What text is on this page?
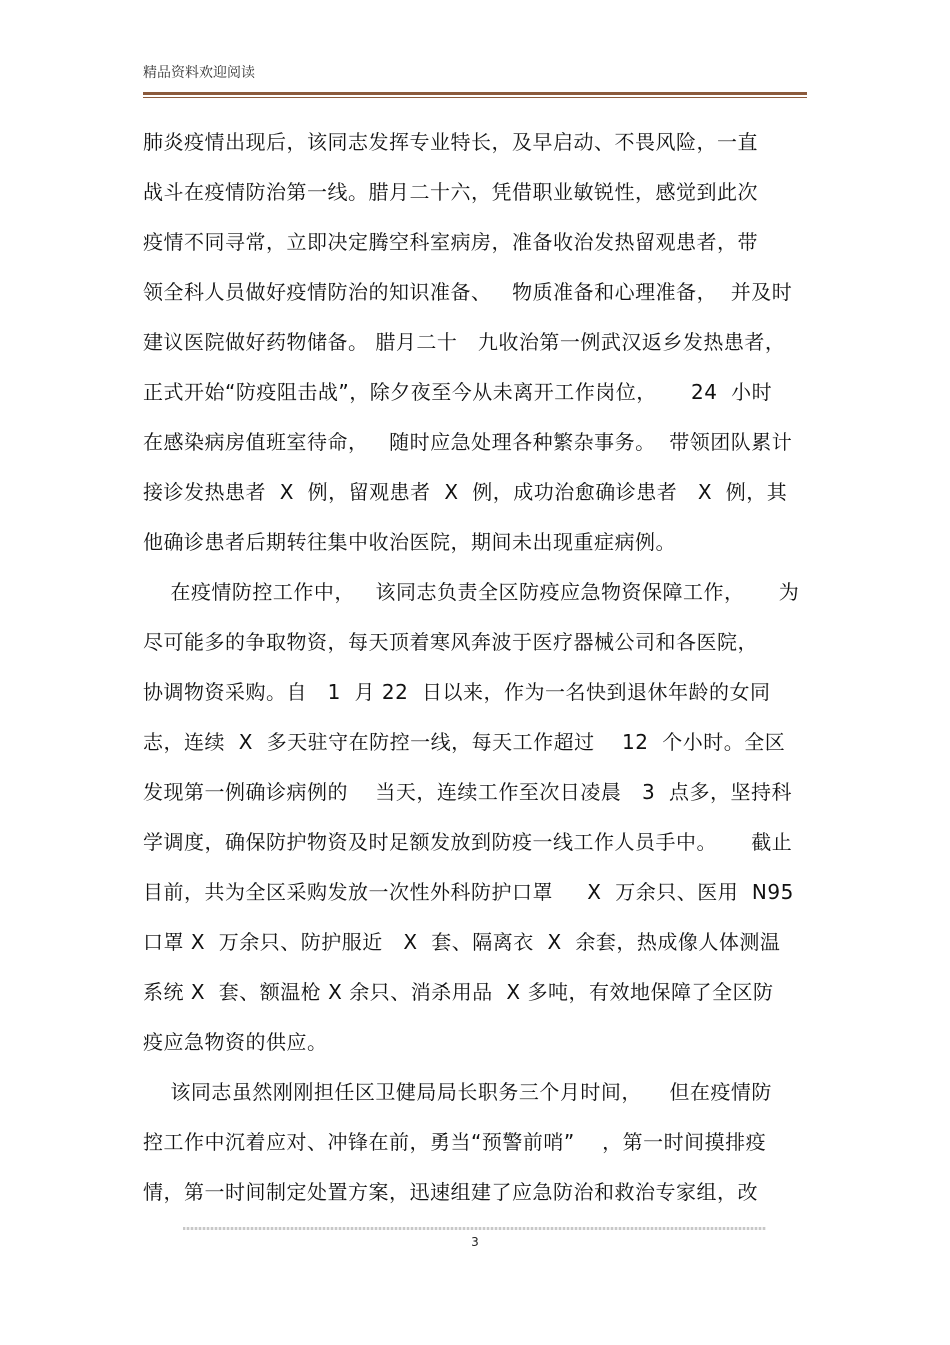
精品资料欢迎阅读
肺炎疫情出现后，该同志发挥专业特长，及早启动、不畏风险，一直
战斗在疫情防治第一线。腊月二十六，凭借职业敏锐性，感觉到此次
疫情不同寻常，立即决定腾空科室病房，准备收治发热留观患者，带
领全科人员做好疫情防治的知识准备、   物质准备和心理准备，  并及时
建议医院做好药物储备。 腊月二十   九收治第一例武汉返乡发热患者，
正式开始“防疫阻击战”，除夕夜至今从未离开工作岗位，     24  小时
在感染病房值班室待命，   随时应急处理各种繁杂事务。  带领团队累计
接诊发热患者  X  例，留观患者  X  例，成功治愈确诊患者   X  例，其
他确诊患者后期转往集中收治医院，期间未出现重症病例。
在疫情防控工作中，   该同志负责全区防疫应急物资保障工作，     为
尽可能多的争取物资，每天顶着寒风奔波于医疗器械公司和各医院，
协调物资采购。自   1  月 22  日以来，作为一名快到退休年龄的女同
志，连续  X  多天驻守在防控一线，每天工作超过    12  个小时。全区
发现第一例确诊病例的    当天，连续工作至次日凌晨   3  点多，坚持科
学调度，确保防护物资及时足额发放到防疫一线工作人员手中。     截止
目前，共为全区采购发放一次性外科防护口罩     X  万余只、医用  N95
口罩 X  万余只、防护服近   X  套、隔离衣  X  余套，热成像人体测温
系统 X  套、额温枪 X 余只、消杀用品  X 多吨，有效地保障了全区防
疫应急物资的供应。
该同志虽然刚刚担任区卫健局局长职务三个月时间，    但在疫情防
控工作中沉着应对、冲锋在前，勇当“预警前哨”    ，第一时间摸排疫
情，第一时间制定处置方案，迅速组建了应急防治和救治专家组，改
3
